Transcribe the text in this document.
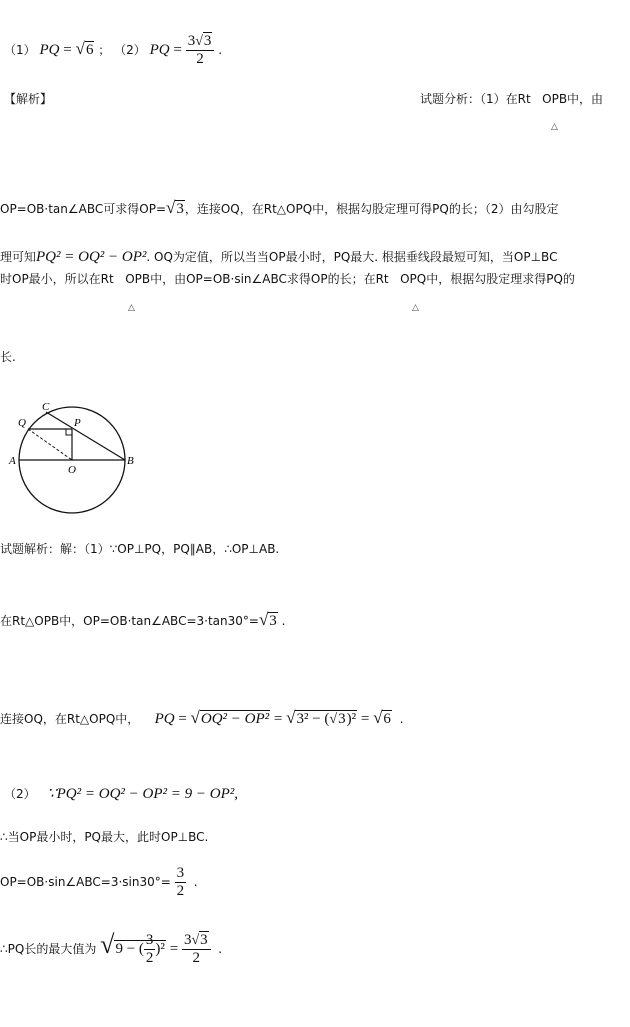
（1） PQ = √6 ； （2） PQ = $\frac{3√3}{2}$ .
【解析】	试题分析：（1）在Rt OPB中，由
△
OP=OB·tan∠ABC可求得OP=√3，连接OQ，在Rt△OPQ中，根据勾股定理可得PQ的长；（2）由勾股定
理可知PQ² = OQ² − OP². OQ为定值，所以当当OP最小时，PQ最大. 根据垂线段最短可知，当OP⊥BC
时OP最小，所以在Rt OPB中，由OP=OB·sin∠ABC求得OP的长；在Rt OPQ中，根据勾股定理求得PQ的
△	△
长.
C
Q	P
A
O
B
试题解析：解：（1）∵OP⊥PQ，PQ∥AB，∴OP⊥AB.
在Rt△OPB中，OP=OB·tan∠ABC=3·tan30°=√3 .
连接OQ，在Rt△OPQ中， PQ = √OQ² − OP² = √3² − (√3)² = √6 .
（2） ∵PQ² = OQ² − OP² = 9 − OP²,
∴当OP最小时，PQ最大，此时OP⊥BC.
OP=OB·sin∠ABC=3·sin30°= $\frac{3}{2}$ .
∴PQ长的最大值为 √9 − ( $\frac{3}{2} )^2 = \frac{3√3}{2}$ .
